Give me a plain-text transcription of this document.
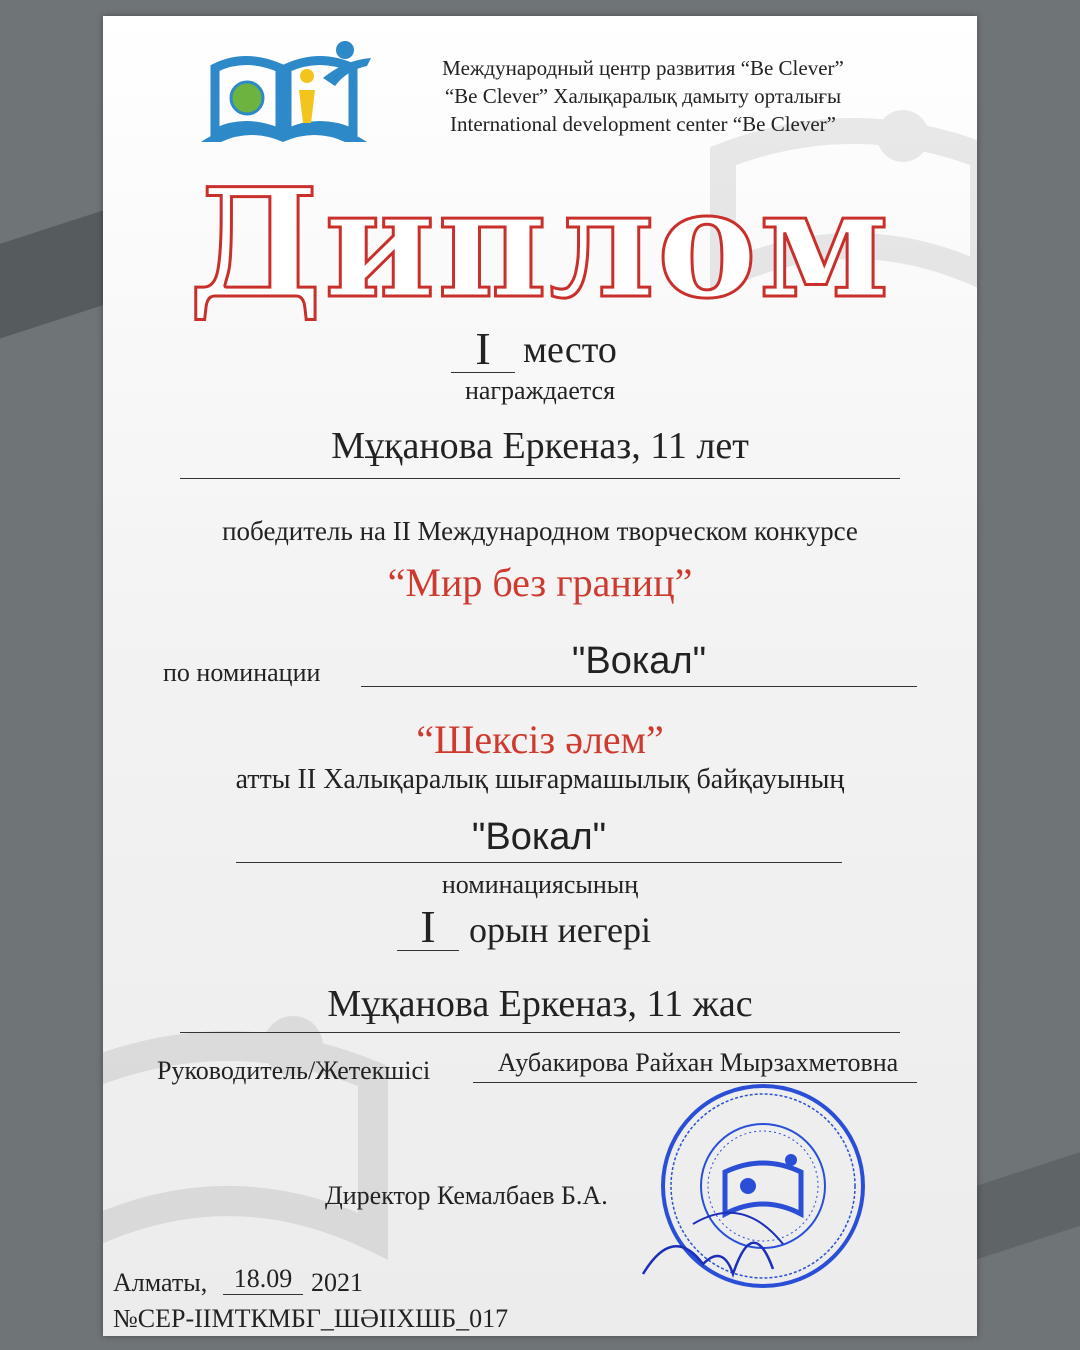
Международный центр развития “Be Clever”
“Be Clever” Халықаралық дамыту орталығы
International development center “Be Clever”
Диплом
I место
награждается
Мұқанова Еркеназ, 11 лет
победитель на II Международном творческом конкурсе
“Мир без границ”
по номинации	"Вокал"
“Шексіз әлем”
атты II Халықаралық шығармашылық байқауының
"Вокал"
номинациясының
I орын иегері
Мұқанова Еркеназ, 11 жас
Руководитель/Жетекшісі	Аубакирова Райхан Мырзахметовна
Директор Кемалбаев Б.А.
Алматы,	18.09 2021
№CEP-IIМТКМБГ_ШӘIIХШБ_017
